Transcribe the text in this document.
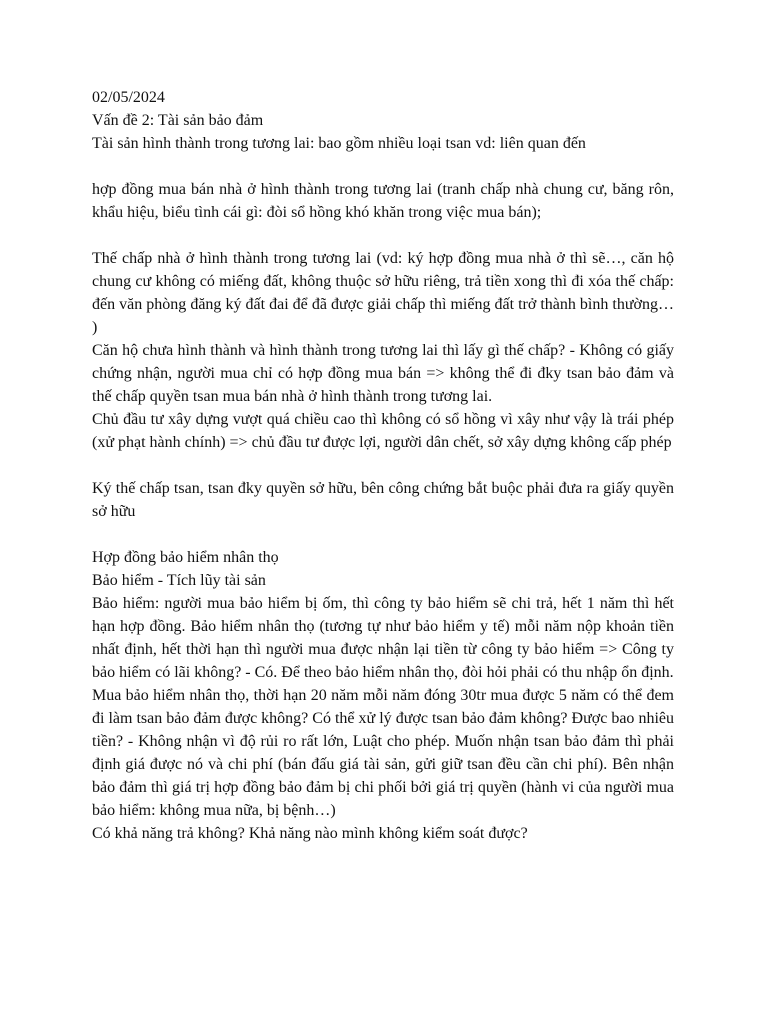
02/05/2024

Vấn đề 2: Tài sản bảo đảm

Tài sản hình thành trong tương lai: bao gồm nhiều loại tsan vd: liên quan đến

hợp đồng mua bán nhà ở hình thành trong tương lai (tranh chấp nhà chung cư, băng rôn, khẩu hiệu, biểu tình cái gì: đòi sổ hồng khó khăn trong việc mua bán);

Thế chấp nhà ở hình thành trong tương lai (vd: ký hợp đồng mua nhà ở thì sẽ…, căn hộ chung cư không có miếng đất, không thuộc sở hữu riêng, trả tiền xong thì đi xóa thế chấp: đến văn phòng đăng ký đất đai để đã được giải chấp thì miếng đất trở thành bình thường… )

Căn hộ chưa hình thành và hình thành trong tương lai thì lấy gì thế chấp? - Không có giấy chứng nhận, người mua chỉ có hợp đồng mua bán => không thể đi đky tsan bảo đảm và thế chấp quyền tsan mua bán nhà ở hình thành trong tương lai.

Chủ đầu tư xây dựng vượt quá chiều cao thì không có sổ hồng vì xây như vậy là trái phép (xử phạt hành chính) => chủ đầu tư được lợi, người dân chết, sở xây dựng không cấp phép

Ký thế chấp tsan, tsan đky quyền sở hữu, bên công chứng bắt buộc phải đưa ra giấy quyền sở hữu

Hợp đồng bảo hiểm nhân thọ

Bảo hiểm - Tích lũy tài sản

Bảo hiểm: người mua bảo hiểm bị ốm, thì công ty bảo hiểm sẽ chi trả, hết 1 năm thì hết hạn hợp đồng. Bảo hiểm nhân thọ (tương tự như bảo hiểm y tế) mỗi năm nộp khoản tiền nhất định, hết thời hạn thì người mua được nhận lại tiền từ công ty bảo hiểm => Công ty bảo hiểm có lãi không? - Có. Để theo bảo hiểm nhân thọ, đòi hỏi phải có thu nhập ổn định.

Mua bảo hiểm nhân thọ, thời hạn 20 năm mỗi năm đóng 30tr mua được 5 năm có thể đem đi làm tsan bảo đảm được không? Có thể xử lý được tsan bảo đảm không? Được bao nhiêu tiền? - Không nhận vì độ rủi ro rất lớn, Luật cho phép. Muốn nhận tsan bảo đảm thì phải định giá được nó và chi phí (bán đấu giá tài sản, gửi giữ tsan đều cần chi phí). Bên nhận bảo đảm thì giá trị hợp đồng bảo đảm bị chi phối bởi giá trị quyền (hành vi của người mua bảo hiểm: không mua nữa, bị bệnh…)

Có khả năng trả không? Khả năng nào mình không kiểm soát được?
